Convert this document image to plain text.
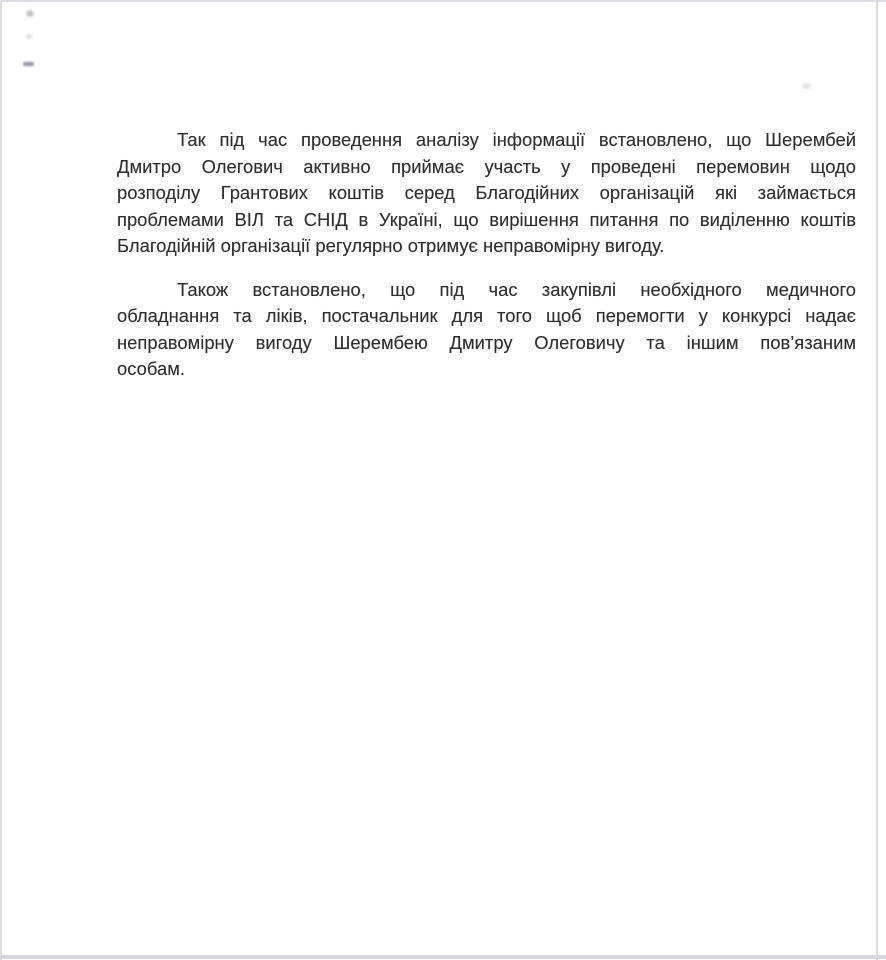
Так під час проведення аналізу інформації встановлено, що Шерембей
Дмитро Олегович активно приймає участь у проведені перемовин щодо
розподілу Грантових коштів серед Благодійних організацій які займається
проблемами ВІЛ та СНІД в Україні, що вирішення питання по виділенню коштів
Благодійній організації регулярно отримує неправомірну вигоду.
Також встановлено, що під час закупівлі необхідного медичного
обладнання та ліків, постачальник для того щоб перемогти у конкурсі надає
неправомірну вигоду Шерембею Дмитру Олеговичу та іншим пов’язаним
особам.
